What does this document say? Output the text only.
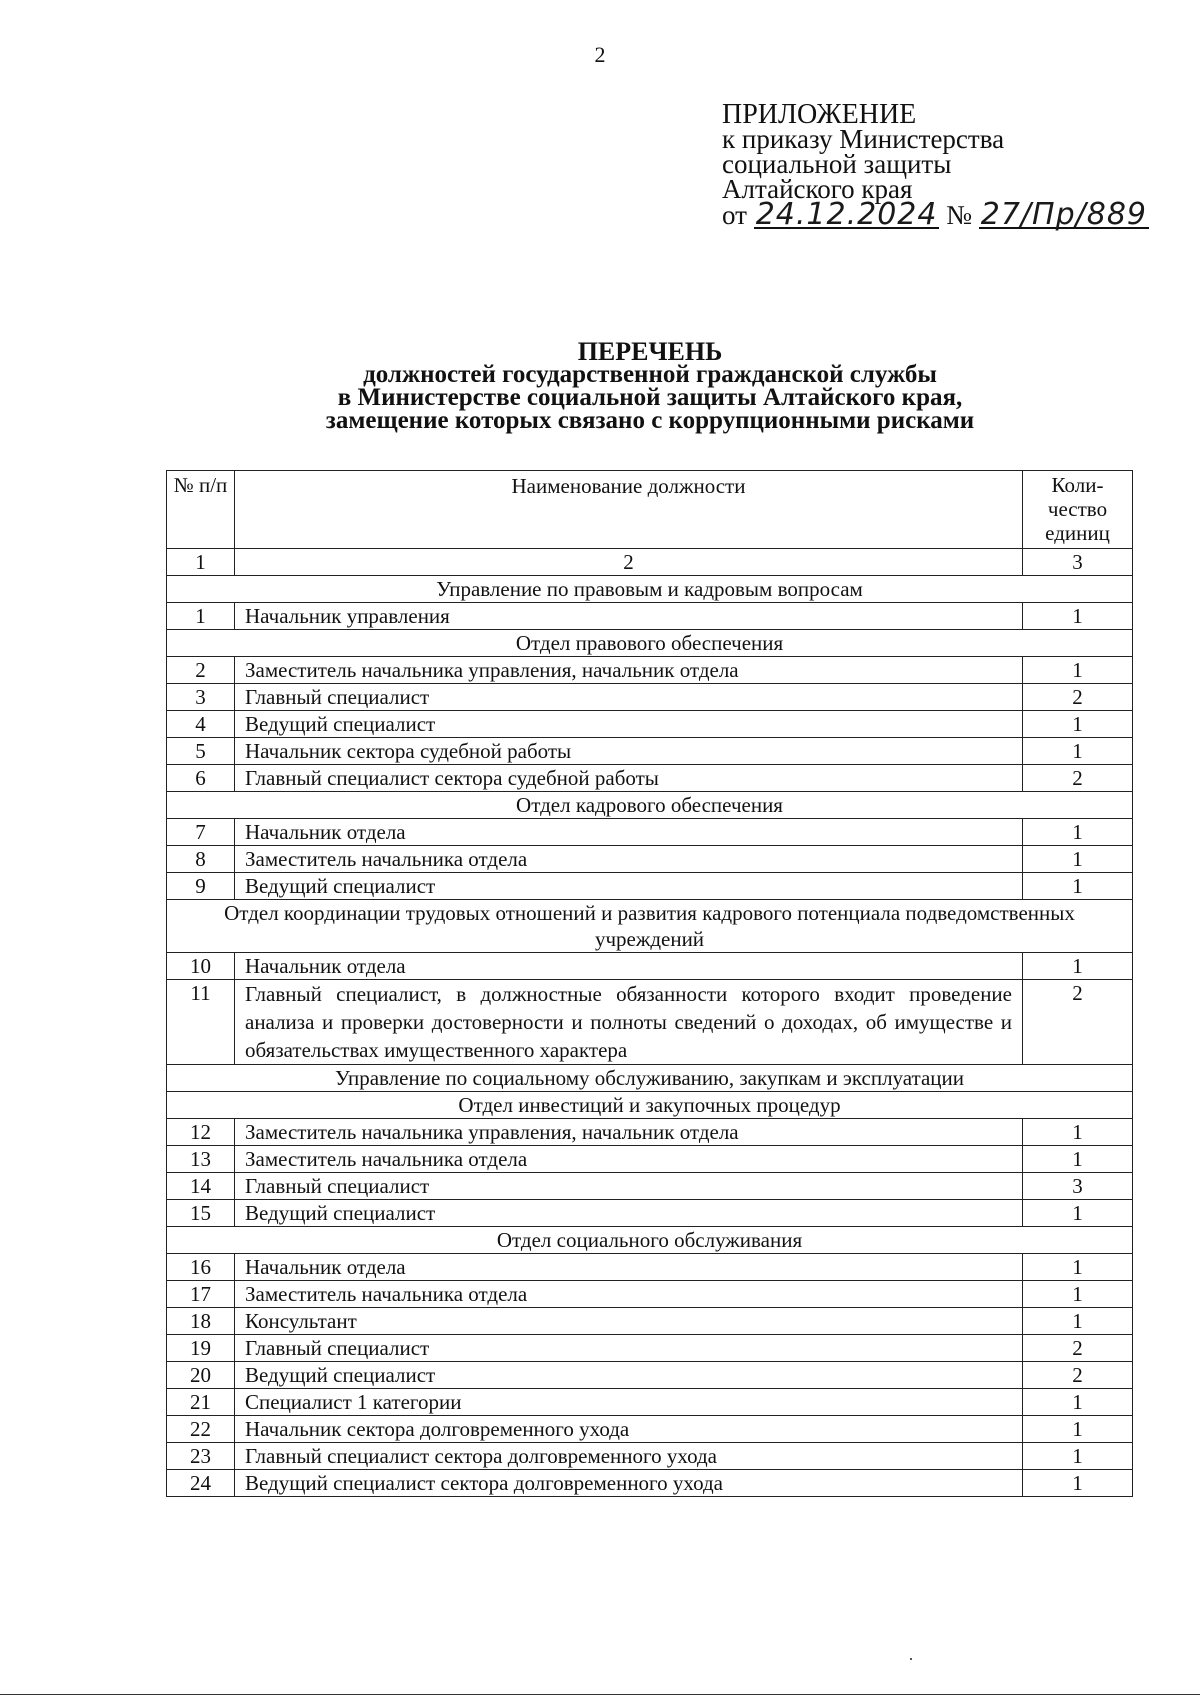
2
ПРИЛОЖЕНИЕ
к приказу Министерства
социальной защиты
Алтайского края
от 24.12.2024 № 27/Пр/889
ПЕРЕЧЕНЬ
должностей государственной гражданской службы
в Министерстве социальной защиты Алтайского края,
замещение которых связано с коррупционными рисками
№ п/п	Наименование должности	Коли-чество единиц
1	2	3
Управление по правовым и кадровым вопросам		
1	Начальник управления	1
Отдел правового обеспечения		
2	Заместитель начальника управления, начальник отдела	1
3	Главный специалист	2
4	Ведущий специалист	1
5	Начальник сектора судебной работы	1
6	Главный специалист сектора судебной работы	2
Отдел кадрового обеспечения		
7	Начальник отдела	1
8	Заместитель начальника отдела	1
9	Ведущий специалист	1
Отдел координации трудовых отношений и развития кадрового потенциала подведомственных учреждений		
10	Начальник отдела	1
11	Главный специалист, в должностные обязанности которого входит проведение анализа и проверки достоверности и полноты сведений о доходах, об имуществе и обязательствах имущественного характера	2
Управление по социальному обслуживанию, закупкам и эксплуатации		
Отдел инвестиций и закупочных процедур		
12	Заместитель начальника управления, начальник отдела	1
13	Заместитель начальника отдела	1
14	Главный специалист	3
15	Ведущий специалист	1
Отдел социального обслуживания		
16	Начальник отдела	1
17	Заместитель начальника отдела	1
18	Консультант	1
19	Главный специалист	2
20	Ведущий специалист	2
21	Специалист 1 категории	1
22	Начальник сектора долговременного ухода	1
23	Главный специалист сектора долговременного ухода	1
24	Ведущий специалист сектора долговременного ухода	1
